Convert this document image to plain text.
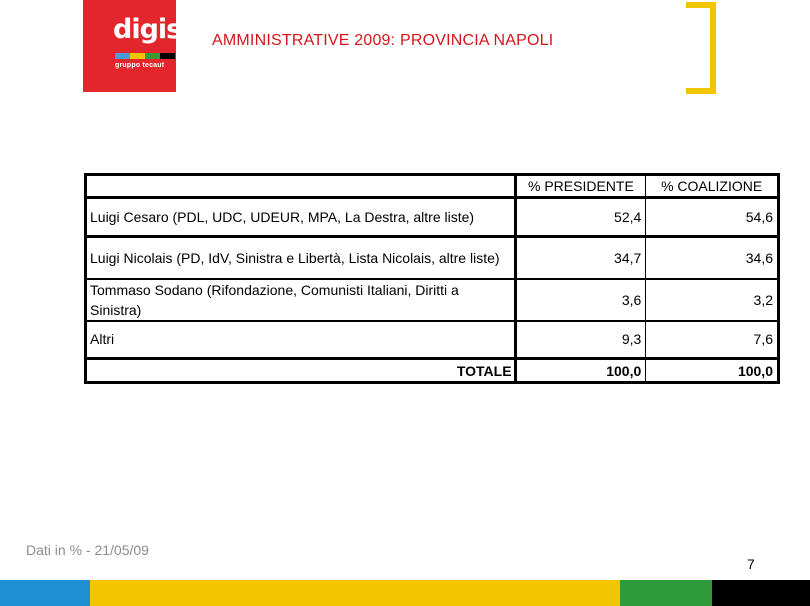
digis
gruppo tecaut
AMMINISTRATIVE 2009: PROVINCIA NAPOLI
	% PRESIDENTE	% COALIZIONE
Luigi Cesaro (PDL, UDC, UDEUR, MPA, La Destra, altre liste)	52,4	54,6
Luigi Nicolais (PD, IdV, Sinistra e Libertà, Lista Nicolais, altre liste)	34,7	34,6
Tommaso Sodano (Rifondazione, Comunisti Italiani, Diritti a Sinistra)	3,6	3,2
Altri	9,3	7,6
TOTALE	100,0	100,0
Dati in % - 21/05/09
7
